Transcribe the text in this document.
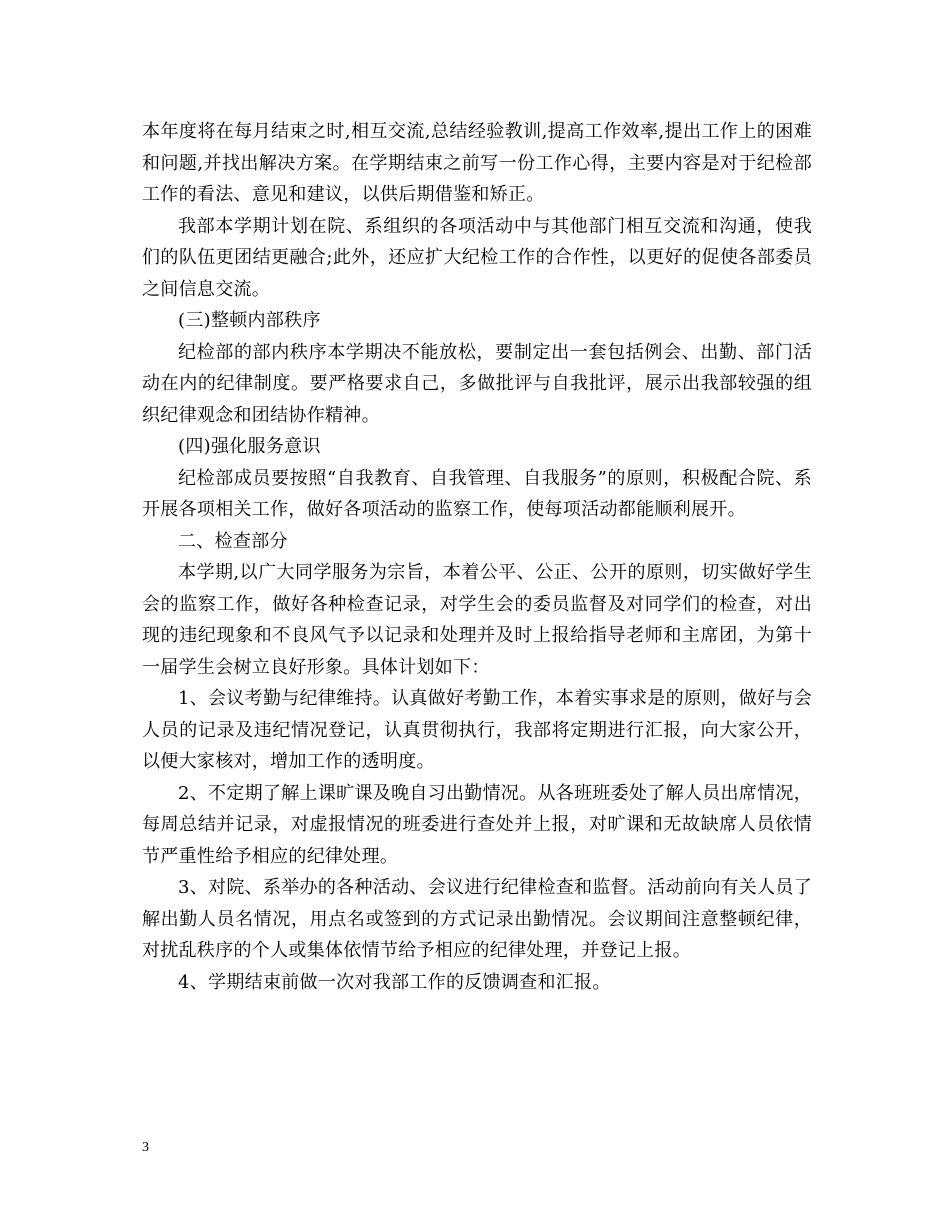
本年度将在每月结束之时,相互交流,总结经验教训,提高工作效率,提出工作上的困难和问题,并找出解决方案。在学期结束之前写一份工作心得，主要内容是对于纪检部工作的看法、意见和建议，以供后期借鉴和矫正。

我部本学期计划在院、系组织的各项活动中与其他部门相互交流和沟通，使我们的队伍更团结更融合;此外，还应扩大纪检工作的合作性，以更好的促使各部委员之间信息交流。

(三)整顿内部秩序

纪检部的部内秩序本学期决不能放松，要制定出一套包括例会、出勤、部门活动在内的纪律制度。要严格要求自己，多做批评与自我批评，展示出我部较强的组织纪律观念和团结协作精神。

(四)强化服务意识

纪检部成员要按照“自我教育、自我管理、自我服务”的原则，积极配合院、系开展各项相关工作，做好各项活动的监察工作，使每项活动都能顺利展开。

二、检查部分

本学期,以广大同学服务为宗旨，本着公平、公正、公开的原则，切实做好学生会的监察工作，做好各种检查记录，对学生会的委员监督及对同学们的检查，对出现的违纪现象和不良风气予以记录和处理并及时上报给指导老师和主席团，为第十一届学生会树立良好形象。具体计划如下：

1、会议考勤与纪律维持。认真做好考勤工作，本着实事求是的原则，做好与会人员的记录及违纪情况登记，认真贯彻执行，我部将定期进行汇报，向大家公开，以便大家核对，增加工作的透明度。

2、不定期了解上课旷课及晚自习出勤情况。从各班班委处了解人员出席情况，每周总结并记录，对虚报情况的班委进行查处并上报，对旷课和无故缺席人员依情节严重性给予相应的纪律处理。

3、对院、系举办的各种活动、会议进行纪律检查和监督。活动前向有关人员了解出勤人员名情况，用点名或签到的方式记录出勤情况。会议期间注意整顿纪律，对扰乱秩序的个人或集体依情节给予相应的纪律处理，并登记上报。

4、学期结束前做一次对我部工作的反馈调查和汇报。

3
